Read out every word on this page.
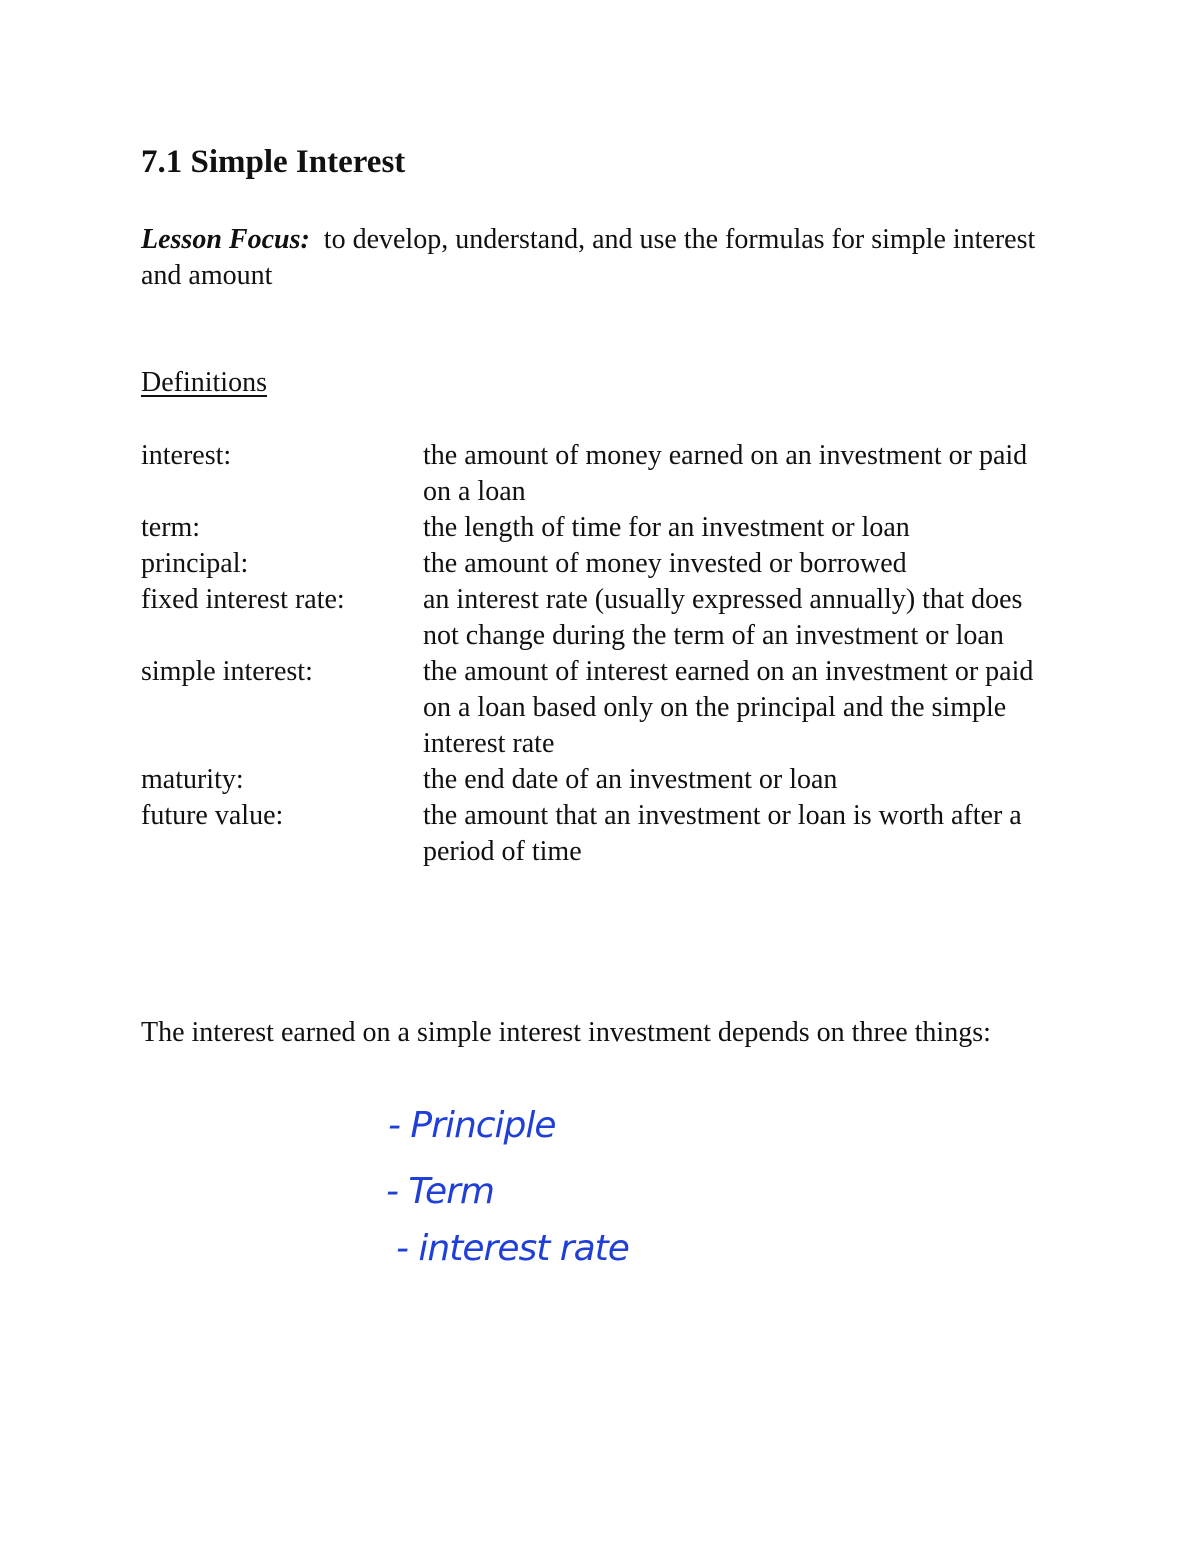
7.1 Simple Interest

Lesson Focus: to develop, understand, and use the formulas for simple interest and amount

Definitions
interest:	the amount of money earned on an investment or paid on a loan
term:	the length of time for an investment or loan
principal:	the amount of money invested or borrowed
fixed interest rate:	an interest rate (usually expressed annually) that does not change during the term of an investment or loan
simple interest:	the amount of interest earned on an investment or paid on a loan based only on the principal and the simple interest rate
maturity:	the end date of an investment or loan
future value:	the amount that an investment or loan is worth after a period of time

The interest earned on a simple interest investment depends on three things:

- Principle
- Term
- interest rate
